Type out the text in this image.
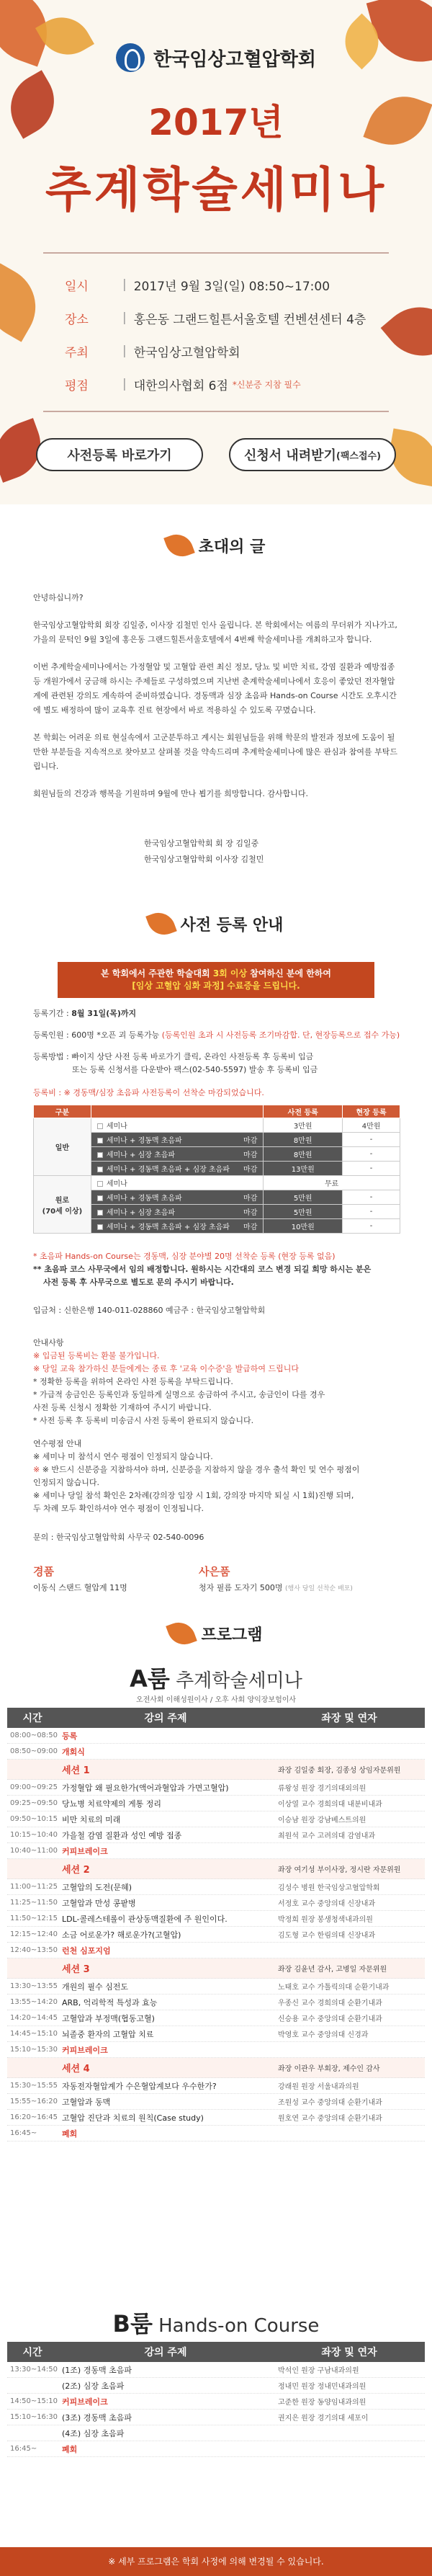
한국임상고혈압학회
2017년
추계학술세미나
일시	| 2017년 9월 3일(일) 08:50~17:00
장소	| 홍은동 그랜드힐튼서울호텔 컨벤션센터 4층
주최	| 한국임상고혈압학회
평점	| 대한의사협회 6점 *신분증 지참 필수
사전등록 바로가기	신청서 내려받기 (팩스접수)
초대의 글

안녕하십니까?

한국임상고혈압학회 회장 김일중, 이사장 김철민 인사 올립니다. 본 학회에서는 여름의 무더위가 지나가고, 가을의 문턱인 9월 3일에 홍은동 그랜드힐튼서울호텔에서 4번째 학술세미나를 개최하고자 합니다.

이번 추계학술세미나에서는 가정혈압 및 고혈압 관련 최신 정보, 당뇨 및 비만 치료, 강염 질환과 예방접종 등 개원가에서 궁금해 하시는 주제들로 구성하였으며 지난번 춘계학술세미나에서 호응이 좋았던 전자혈압계에 관련된 강의도 계속하여 준비하였습니다. 경동맥과 심장 초음파 Hands-on Course 시간도 오후시간에 별도 배정하여 많이 교육후 진료 현장에서 바로 적용하실 수 있도록 꾸몄습니다.

본 학회는 어려운 의료 현실속에서 고군분투하고 계시는 회원님들을 위해 학문의 발전과 정보에 도움이 될 만한 부분들을 지속적으로 찾아보고 살펴볼 것을 약속드리며 추계학술세미나에 많은 관심과 참여를 부탁드립니다.

회원님들의 건강과 행복을 기원하며 9월에 만나 뵙기를 희망합니다. 감사합니다.

한국임상고혈압학회 회 장 김일중
한국임상고혈압학회 이사장 김철민
사전 등록 안내
본 학회에서 주관한 학술대회 3회 이상 참여하신 분에 한하여
[임상 고혈압 심화 과정] 수료증을 드립니다.
등록기간 : 8월 31일(목)까지
등록인원 : 600명 *오픈 괴 등록가능 (등록인원 초과 시 사전등록 조기마감합. 단, 현장등록으로 접수 가능)
등록방법 : 빠이지 상단 사전 등록 바로가기 클릭, 온라인 사전등록 후 등록비 입금
또는 등록 신청서를 다운받아 팩스(02-540-5597) 발송 후 등록비 입금
등록비 : ※ 경동맥/심장 초음파 사전등록이 선착순 마감되었습니다.
구분		사전 등록	현장 등록
일반	세미나	3만원	4만원
	세미나 + 경동맥 초음파 마감	8만원	-
	세미나 + 심장 초음파 마감	8만원	-
	세미나 + 경동맥 초음파 + 심장 초음파 마감	13만원	-

원로
(70세 이상)	세미나	무료	
	세미나 + 경동맥 초음파 마감	5만원	-
	세미나 + 심장 초음파 마감	5만원	-
	세미나 + 경동맥 초음파 + 심장 초음파 마감	10만원	-
* 초음파 Hands-on Course는 경동맥, 심장 분야별 20명 선착순 등록 (현장 등록 없음)
** 초음파 코스 사무국에서 임의 배정합니다. 원하시는 시간대의 코스 변경 되길 희망 하시는 분은
사전 등록 후 사무국으로 별도로 문의 주시기 바랍니다.
입금처 : 신한은행 140-011-028860 예금주 : 한국임상고혈압학회
안내사항
※ 입금된 등록비는 환불 불가입니다.
※ 당일 교육 참가하신 분들에게는 종료 후 '교육 이수증'을 발급하여 드립니다
* 정확한 등록을 위하여 온라인 사전 등록을 부탁드립니다.
* 가급적 송금인은 등록인과 동일하게 실명으로 송금하여 주시고, 송금인이 다를 경우
사전 등록 신청시 정확한 기재하여 주시기 바랍니다.
* 사전 등록 후 등록비 미송금시 사전 등록이 완료되지 않습니다.
연수평점 안내
※ 세미나 미 참석시 연수 평점이 인정되지 않습니다.
※ ※ 반드시 신분증을 지참하셔야 하며, 신분증을 지참하지 않을 경우 출석 확인 및 연수 평점이
인정되지 않습니다.
※ 세미나 당일 참석 확인은 2차례(강의장 입장 시 1회, 강의장 마지막 퇴실 시 1회)진행 되며,
두 차례 모두 확인하셔야 연수 평점이 인정됩니다.
문의 : 한국임상고혈압학회 사무국 02-540-0096
경품
이동식 스탠드 혈압계 11명
사은품
청자 필름 도자기 500명 (행사 당일 선착순 배포)
프로그램
A룸 추계학술세미나
오전사회 이해성원이사 / 오후 사회 양익장보험이사
시간	강의 주제	좌장 및 연자
08:00~08:50 등록
08:50~09:00 개회식
세션 1	좌장 김일중 회장, 김종성 상임자문위원
09:00~09:25 가정혈압 왜 필요한가(액어과혈압과 가면고혈압)	류왕성 원장 경기의대외의원
09:25~09:50 당뇨병 치료약제의 게통 정리	이상열 교수 경희의대 내분비내과
09:50~10:15 비만 치료의 미래	이승남 원장 강남베스트의원
10:15~10:40 가을철 감염 질환과 성인 예방 접종	최원석 교수 고려의대 감염내과
10:40~11:00 커피브레이크
세션 2	좌장 여기성 부이사장, 정시란 자문위원
11:00~11:25 고혈압의 도전(문혜)	김성수 병원 한국임상고혈압학회
11:25~11:50 고혈압과 만성 콩팥병	서정호 교수 중앙의대 신장내과
11:50~12:15 LDL-콜레스테롤이 관상동맥질환에 주 원인이다.	박정희 원장 봉생청색내과의원
12:15~12:40 소금 어로운가? 해로운가?(고혈압)	김도형 교수 한림의대 신장내과
12:40~13:50 런천 심포지엄
세션 3	좌장 김윤년 감사, 고병일 자문위원
13:30~13:55 개원의 필수 심전도	노태호 교수 가톨릭의대 순환기내과
13:55~14:20 ARB, 억리학적 특성과 효능	우종신 교수 경희의대 순환기내과
14:20~14:45 고혈압과 부정맥(협동고혈)	신승용 교수 중앙의대 순환기내과
14:45~15:10 뇌졸중 환자의 고혈압 치료	박영호 교수 중앙의대 신경과
15:10~15:30 커피브레이크
세션 4	좌장 이관우 부회장, 제수인 감사
15:30~15:55 자동전자혈압계가 수은혈압계보다 우수한가?	강래원 원장 서울내과의원
15:55~16:20 고혈압과 동맥	조원성 교수 중앙의대 순환기내과
16:20~16:45 고혈압 진단과 치료의 원칙(Case study)	원호연 교수 중앙의대 순환기내과
16:45~	폐회
B룸 Hands-on Course
시간	강의 주제	좌장 및 연자
13:30~14:50 (1조) 경동맥 초음파	박석인 원장 구남내과의원
(2조) 심장 초음파	정내민 원장 정내민내과의원
14:50~15:10 커피브레이크	고준한 원장 동양임내과의원
15:10~16:30 (3조) 경동맥 초음파	권지은 원장 경기의대 세포이
(4조) 심장 초음파
16:45~	폐회
※ 세부 프로그램은 학회 사정에 의해 변경될 수 있습니다.
